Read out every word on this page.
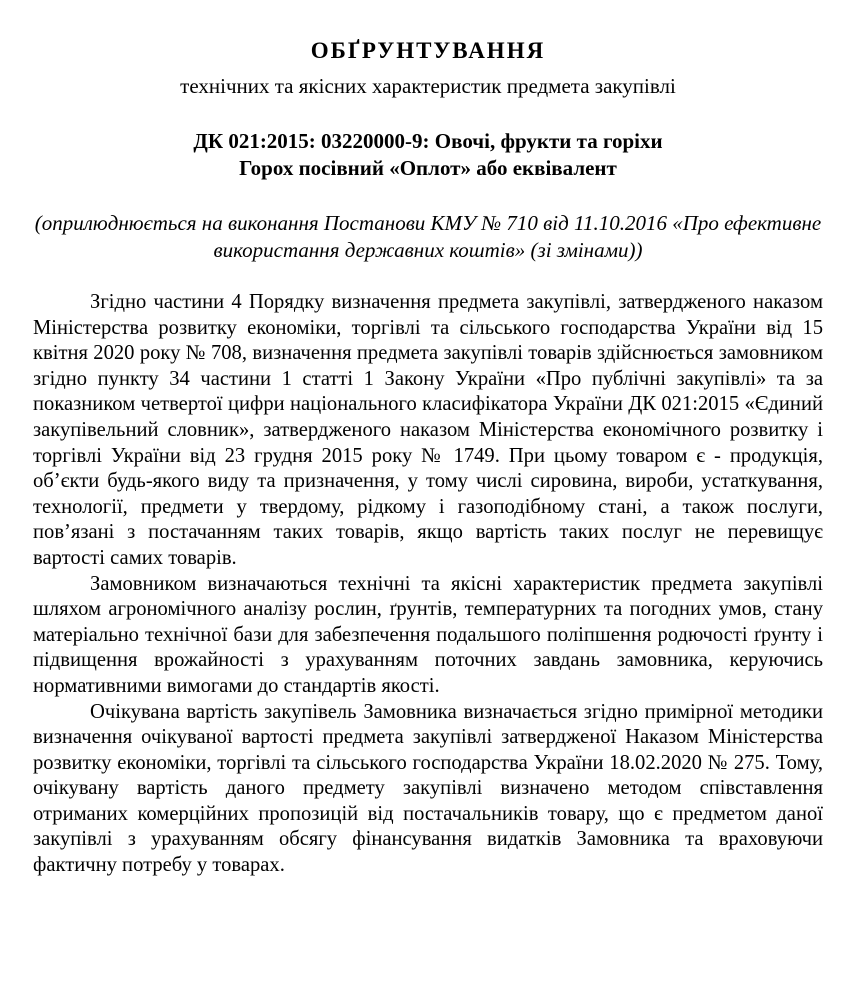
ОБҐРУНТУВАННЯ
технічних та якісних характеристик предмета закупівлі
ДК 021:2015: 03220000-9: Овочі, фрукти та горіхи
Горох посівний «Оплот» або еквівалент
(оприлюднюється на виконання Постанови КМУ № 710 від 11.10.2016 «Про ефективне використання державних коштів» (зі змінами))

Згідно частини 4 Порядку визначення предмета закупівлі, затвердженого наказом Міністерства розвитку економіки, торгівлі та сільського господарства України від 15 квітня 2020 року № 708, визначення предмета закупівлі товарів здійснюється замовником згідно пункту 34 частини 1 статті 1 Закону України «Про публічні закупівлі» та за показником четвертої цифри національного класифікатора України ДК 021:2015 «Єдиний закупівельний словник», затвердженого наказом Міністерства економічного розвитку і торгівлі України від 23 грудня 2015 року № 1749. При цьому товаром є - продукція, об’єкти будь-якого виду та призначення, у тому числі сировина, вироби, устаткування, технології, предмети у твердому, рідкому і газоподібному стані, а також послуги, пов’язані з постачанням таких товарів, якщо вартість таких послуг не перевищує вартості самих товарів.

Замовником визначаються технічні та якісні характеристик предмета закупівлі шляхом агрономічного аналізу рослин, ґрунтів, температурних та погодних умов, стану матеріально технічної бази для забезпечення подальшого поліпшення родючості ґрунту і підвищення врожайності з урахуванням поточних завдань замовника, керуючись нормативними вимогами до стандартів якості.

Очікувана вартість закупівель Замовника визначається згідно примірної методики визначення очікуваної вартості предмета закупівлі затвердженої Наказом Міністерства розвитку економіки, торгівлі та сільського господарства України 18.02.2020 № 275. Тому, очікувану вартість даного предмету закупівлі визначено методом співставлення отриманих комерційних пропозицій від постачальників товару, що є предметом даної закупівлі з урахуванням обсягу фінансування видатків Замовника та враховуючи фактичну потребу у товарах.
